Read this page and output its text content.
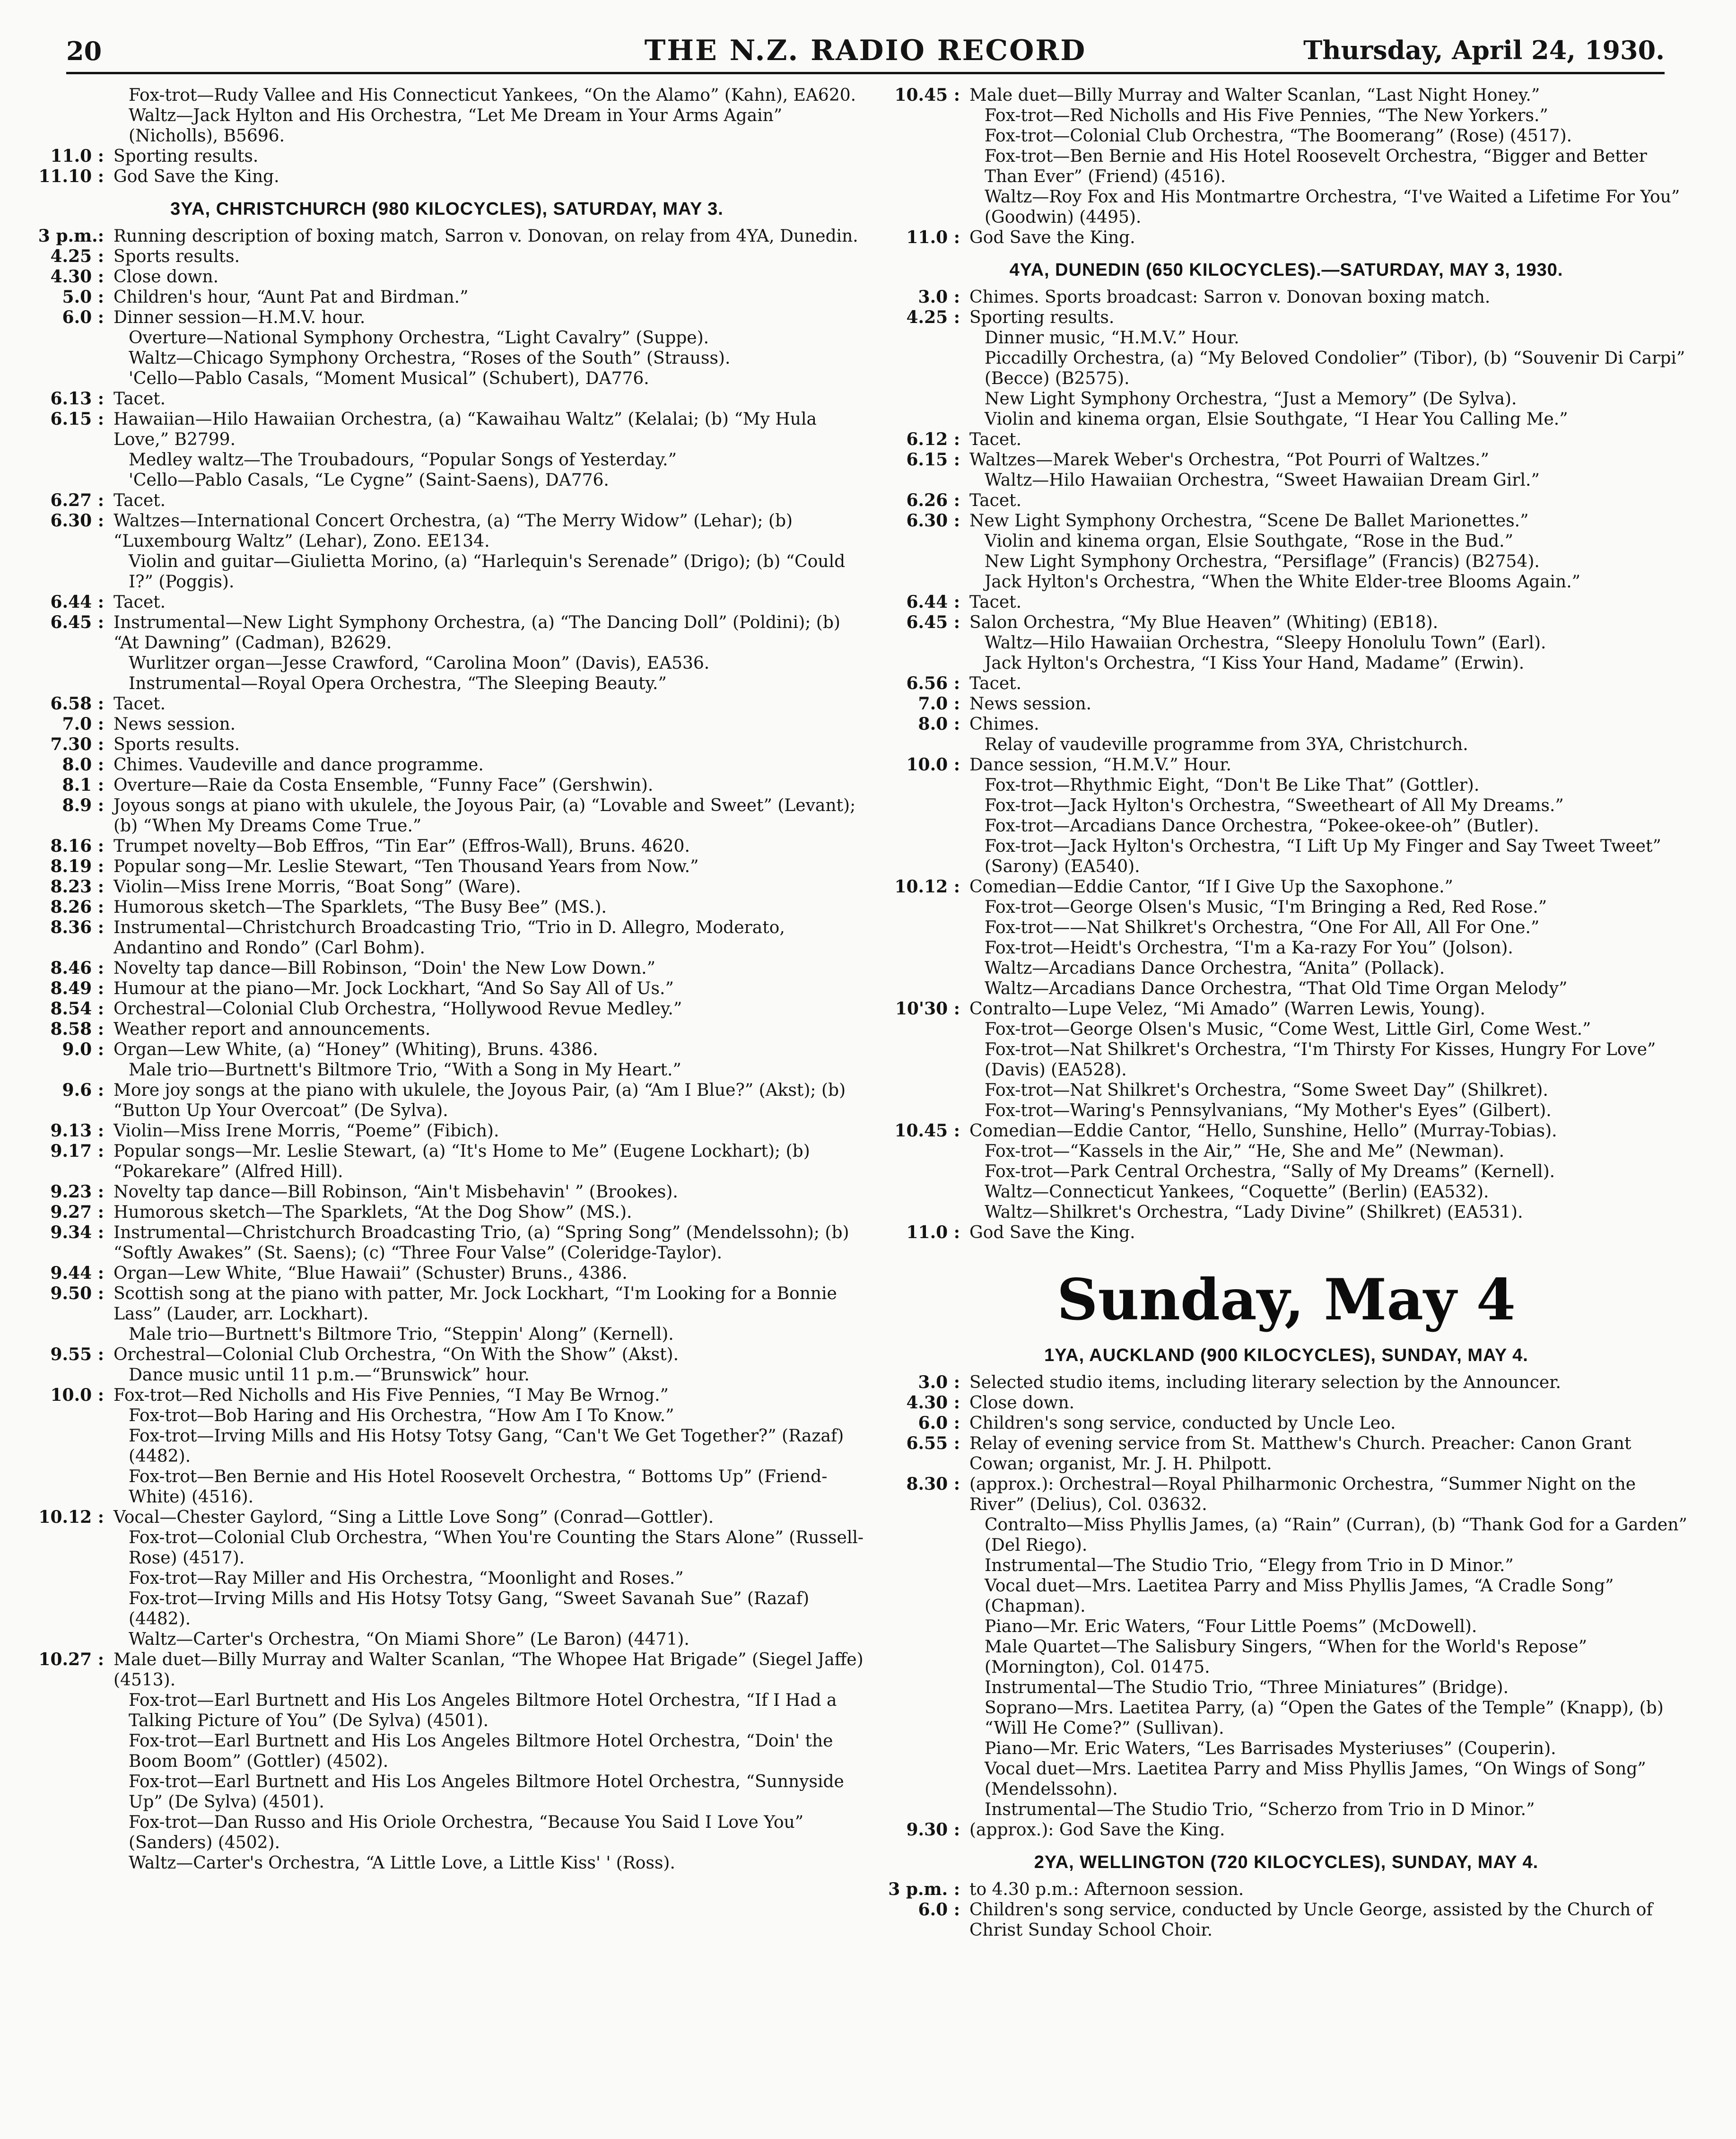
20	THE N.Z. RADIO RECORD	Thursday, April 24, 1930.
Fox-trot—Rudy Vallee and His Connecticut Yankees, “On the Alamo” (Kahn), EA620.
Waltz—Jack Hylton and His Orchestra, “Let Me Dream in Your Arms Again” (Nicholls), B5696.
11.0 : Sporting results.
11.10 : God Save the King.
3YA, CHRISTCHURCH (980 KILOCYCLES), SATURDAY, MAY 3.
3 p.m.: Running description of boxing match, Sarron v. Donovan, on relay from 4YA, Dunedin.
4.25 : Sports results.
4.30 : Close down.
5.0 : Children's hour, “Aunt Pat and Birdman.”
6.0 : Dinner session—H.M.V. hour.
Overture—National Symphony Orchestra, “Light Cavalry” (Suppe).
Waltz—Chicago Symphony Orchestra, “Roses of the South” (Strauss).
'Cello—Pablo Casals, “Moment Musical” (Schubert), DA776.
6.13 : Tacet.
6.15 : Hawaiian—Hilo Hawaiian Orchestra, (a) “Kawaihau Waltz” (Kelalai; (b) “My Hula Love,” B2799.
Medley waltz—The Troubadours, “Popular Songs of Yesterday.”
'Cello—Pablo Casals, “Le Cygne” (Saint-Saens), DA776.
6.27 : Tacet.
6.30 : Waltzes—International Concert Orchestra, (a) “The Merry Widow” (Lehar); (b) “Luxembourg Waltz” (Lehar), Zono. EE134.
Violin and guitar—Giulietta Morino, (a) “Harlequin's Serenade” (Drigo); (b) “Could I?” (Poggis).
6.44 : Tacet.
6.45 : Instrumental—New Light Symphony Orchestra, (a) “The Dancing Doll” (Poldini); (b) “At Dawning” (Cadman), B2629.
Wurlitzer organ—Jesse Crawford, “Carolina Moon” (Davis), EA536.
Instrumental—Royal Opera Orchestra, “The Sleeping Beauty.”
6.58 : Tacet.
7.0 : News session.
7.30 : Sports results.
8.0 : Chimes. Vaudeville and dance programme.
8.1 : Overture—Raie da Costa Ensemble, “Funny Face” (Gershwin).
8.9 : Joyous songs at piano with ukulele, the Joyous Pair, (a) “Lovable and Sweet” (Levant); (b) “When My Dreams Come True.”
8.16 : Trumpet novelty—Bob Effros, “Tin Ear” (Effros-Wall), Bruns. 4620.
8.19 : Popular song—Mr. Leslie Stewart, “Ten Thousand Years from Now.”
8.23 : Violin—Miss Irene Morris, “Boat Song” (Ware).
8.26 : Humorous sketch—The Sparklets, “The Busy Bee” (MS.).
8.36 : Instrumental—Christchurch Broadcasting Trio, “Trio in D. Allegro, Moderato, Andantino and Rondo” (Carl Bohm).
8.46 : Novelty tap dance—Bill Robinson, “Doin' the New Low Down.”
8.49 : Humour at the piano—Mr. Jock Lockhart, “And So Say All of Us.”
8.54 : Orchestral—Colonial Club Orchestra, “Hollywood Revue Medley.”
8.58 : Weather report and announcements.
9.0 : Organ—Lew White, (a) “Honey” (Whiting), Bruns. 4386.
Male trio—Burtnett's Biltmore Trio, “With a Song in My Heart.”
9.6 : More joy songs at the piano with ukulele, the Joyous Pair, (a) “Am I Blue?” (Akst); (b) “Button Up Your Overcoat” (De Sylva).
9.13 : Violin—Miss Irene Morris, “Poeme” (Fibich).
9.17 : Popular songs—Mr. Leslie Stewart, (a) “It's Home to Me” (Eugene Lockhart); (b) “Pokarekare” (Alfred Hill).
9.23 : Novelty tap dance—Bill Robinson, “Ain't Misbehavin' ” (Brookes).
9.27 : Humorous sketch—The Sparklets, “At the Dog Show” (MS.).
9.34 : Instrumental—Christchurch Broadcasting Trio, (a) “Spring Song” (Mendelssohn); (b) “Softly Awakes” (St. Saens); (c) “Three Four Valse” (Coleridge-Taylor).
9.44 : Organ—Lew White, “Blue Hawaii” (Schuster) Bruns., 4386.
9.50 : Scottish song at the piano with patter, Mr. Jock Lockhart, “I'm Looking for a Bonnie Lass” (Lauder, arr. Lockhart).
Male trio—Burtnett's Biltmore Trio, “Steppin' Along” (Kernell).
9.55 : Orchestral—Colonial Club Orchestra, “On With the Show” (Akst).
Dance music until 11 p.m.—“Brunswick” hour.
10.0 : Fox-trot—Red Nicholls and His Five Pennies, “I May Be Wrnog.”
Fox-trot—Bob Haring and His Orchestra, “How Am I To Know.”
Fox-trot—Irving Mills and His Hotsy Totsy Gang, “Can't We Get Together?” (Razaf) (4482).
Fox-trot—Ben Bernie and His Hotel Roosevelt Orchestra, “ Bottoms Up” (Friend-White) (4516).
10.12 : Vocal—Chester Gaylord, “Sing a Little Love Song” (Conrad—Gottler).
Fox-trot—Colonial Club Orchestra, “When You're Counting the Stars Alone” (Russell-Rose) (4517).
Fox-trot—Ray Miller and His Orchestra, “Moonlight and Roses.”
Fox-trot—Irving Mills and His Hotsy Totsy Gang, “Sweet Savanah Sue” (Razaf) (4482).
Waltz—Carter's Orchestra, “On Miami Shore” (Le Baron) (4471).
10.27 : Male duet—Billy Murray and Walter Scanlan, “The Whopee Hat Brigade” (Siegel Jaffe) (4513).
Fox-trot—Earl Burtnett and His Los Angeles Biltmore Hotel Orchestra, “If I Had a Talking Picture of You” (De Sylva) (4501).
Fox-trot—Earl Burtnett and His Los Angeles Biltmore Hotel Orchestra, “Doin' the Boom Boom” (Gottler) (4502).
Fox-trot—Earl Burtnett and His Los Angeles Biltmore Hotel Orchestra, “Sunnyside Up” (De Sylva) (4501).
Fox-trot—Dan Russo and His Oriole Orchestra, “Because You Said I Love You” (Sanders) (4502).
Waltz—Carter's Orchestra, “A Little Love, a Little Kiss' ' (Ross).
10.45 : Male duet—Billy Murray and Walter Scanlan, “Last Night Honey.”
Fox-trot—Red Nicholls and His Five Pennies, “The New Yorkers.”
Fox-trot—Colonial Club Orchestra, “The Boomerang” (Rose) (4517).
Fox-trot—Ben Bernie and His Hotel Roosevelt Orchestra, “Bigger and Better Than Ever” (Friend) (4516).
Waltz—Roy Fox and His Montmartre Orchestra, “I've Waited a Lifetime For You” (Goodwin) (4495).
11.0 : God Save the King.
4YA, DUNEDIN (650 KILOCYCLES).—SATURDAY, MAY 3, 1930.
3.0 : Chimes. Sports broadcast: Sarron v. Donovan boxing match.
4.25 : Sporting results.
Dinner music, “H.M.V.” Hour.
Piccadilly Orchestra, (a) “My Beloved Condolier” (Tibor), (b) “Souvenir Di Carpi” (Becce) (B2575).
New Light Symphony Orchestra, “Just a Memory” (De Sylva).
Violin and kinema organ, Elsie Southgate, “I Hear You Calling Me.”
6.12 : Tacet.
6.15 : Waltzes—Marek Weber's Orchestra, “Pot Pourri of Waltzes.”
Waltz—Hilo Hawaiian Orchestra, “Sweet Hawaiian Dream Girl.”
6.26 : Tacet.
6.30 : New Light Symphony Orchestra, “Scene De Ballet Marionettes.”
Violin and kinema organ, Elsie Southgate, “Rose in the Bud.”
New Light Symphony Orchestra, “Persiflage” (Francis) (B2754).
Jack Hylton's Orchestra, “When the White Elder-tree Blooms Again.”
6.44 : Tacet.
6.45 : Salon Orchestra, “My Blue Heaven” (Whiting) (EB18).
Waltz—Hilo Hawaiian Orchestra, “Sleepy Honolulu Town” (Earl).
Jack Hylton's Orchestra, “I Kiss Your Hand, Madame” (Erwin).
6.56 : Tacet.
7.0 : News session.
8.0 : Chimes.
Relay of vaudeville programme from 3YA, Christchurch.
10.0 : Dance session, “H.M.V.” Hour.
Fox-trot—Rhythmic Eight, “Don't Be Like That” (Gottler).
Fox-trot—Jack Hylton's Orchestra, “Sweetheart of All My Dreams.”
Fox-trot—Arcadians Dance Orchestra, “Pokee-okee-oh” (Butler).
Fox-trot—Jack Hylton's Orchestra, “I Lift Up My Finger and Say Tweet Tweet” (Sarony) (EA540).
10.12 : Comedian—Eddie Cantor, “If I Give Up the Saxophone.”
Fox-trot—George Olsen's Music, “I'm Bringing a Red, Red Rose.”
Fox-trot——Nat Shilkret's Orchestra, “One For All, All For One.”
Fox-trot—Heidt's Orchestra, “I'm a Ka-razy For You” (Jolson).
Waltz—Arcadians Dance Orchestra, “Anita” (Pollack).
Waltz—Arcadians Dance Orchestra, “That Old Time Organ Melody”
10'30 : Contralto—Lupe Velez, “Mi Amado” (Warren Lewis, Young).
Fox-trot—George Olsen's Music, “Come West, Little Girl, Come West.”
Fox-trot—Nat Shilkret's Orchestra, “I'm Thirsty For Kisses, Hungry For Love” (Davis) (EA528).
Fox-trot—Nat Shilkret's Orchestra, “Some Sweet Day” (Shilkret).
Fox-trot—Waring's Pennsylvanians, “My Mother's Eyes” (Gilbert).
10.45 : Comedian—Eddie Cantor, “Hello, Sunshine, Hello” (Murray-Tobias).
Fox-trot—“Kassels in the Air,” “He, She and Me” (Newman).
Fox-trot—Park Central Orchestra, “Sally of My Dreams” (Kernell).
Waltz—Connecticut Yankees, “Coquette” (Berlin) (EA532).
Waltz—Shilkret's Orchestra, “Lady Divine” (Shilkret) (EA531).
11.0 : God Save the King.
Sunday, May 4
1YA, AUCKLAND (900 KILOCYCLES), SUNDAY, MAY 4.
3.0 : Selected studio items, including literary selection by the Announcer.
4.30 : Close down.
6.0 : Children's song service, conducted by Uncle Leo.
6.55 : Relay of evening service from St. Matthew's Church. Preacher: Canon Grant Cowan; organist, Mr. J. H. Philpott.
8.30 : (approx.): Orchestral—Royal Philharmonic Orchestra, “Summer Night on the River” (Delius), Col. 03632.
Contralto—Miss Phyllis James, (a) “Rain” (Curran), (b) “Thank God for a Garden” (Del Riego).
Instrumental—The Studio Trio, “Elegy from Trio in D Minor.”
Vocal duet—Mrs. Laetitea Parry and Miss Phyllis James, “A Cradle Song” (Chapman).
Piano—Mr. Eric Waters, “Four Little Poems” (McDowell).
Male Quartet—The Salisbury Singers, “When for the World's Repose” (Mornington), Col. 01475.
Instrumental—The Studio Trio, “Three Miniatures” (Bridge).
Soprano—Mrs. Laetitea Parry, (a) “Open the Gates of the Temple” (Knapp), (b) “Will He Come?” (Sullivan).
Piano—Mr. Eric Waters, “Les Barrisades Mysteriuses” (Couperin).
Vocal duet—Mrs. Laetitea Parry and Miss Phyllis James, “On Wings of Song” (Mendelssohn).
Instrumental—The Studio Trio, “Scherzo from Trio in D Minor.”
9.30 : (approx.): God Save the King.
2YA, WELLINGTON (720 KILOCYCLES), SUNDAY, MAY 4.
3 p.m. : to 4.30 p.m.: Afternoon session.
6.0 : Children's song service, conducted by Uncle George, assisted by the Church of Christ Sunday School Choir.
